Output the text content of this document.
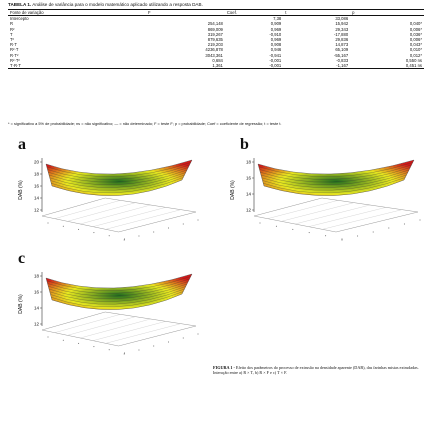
TABELA 1. Análise de variância para o modelo matemático aplicado utilizando a resposta DAB.
Fonte de variação	F	Coef.	t	p
Intercepto		7,38	33,086	
R	254,148	0,909	15,942	0,040*
R²	869,009	0,969	29,343	0,006*
T	319,267	-0,910	-17,880	0,036*
T²	879,635	0,969	29,836	0,006*
R·T	219,203	0,908	14,873	0,043*
R²·T	4236,878	0,946	65,109	0,010*
R·T²	3043,361	-0,941	-55,167	0,012*
R²·T²	0,684	-0,001	-0,833	0,550 ns
T·R·T	1,361	-0,001	-1,167	0,451 ns
* = significativo a 5% de probabilidade; ns = não significativo; — = não determinado; F = teste F; p = probabilidade; Coef = coeficiente de regressão; t = teste t.
a	b
c
20
18
16
14
12
DAB (%)
18
16
14
12
DAB (%)
18
16
14
12
DAB (%)
FIGURA 1 - Efeito dos parâmetros do processo de extrusão na densidade aparente (DAB), das farinhas mistas extrudadas. Interação entre a) R × T, b) R × F e c) T × F.
